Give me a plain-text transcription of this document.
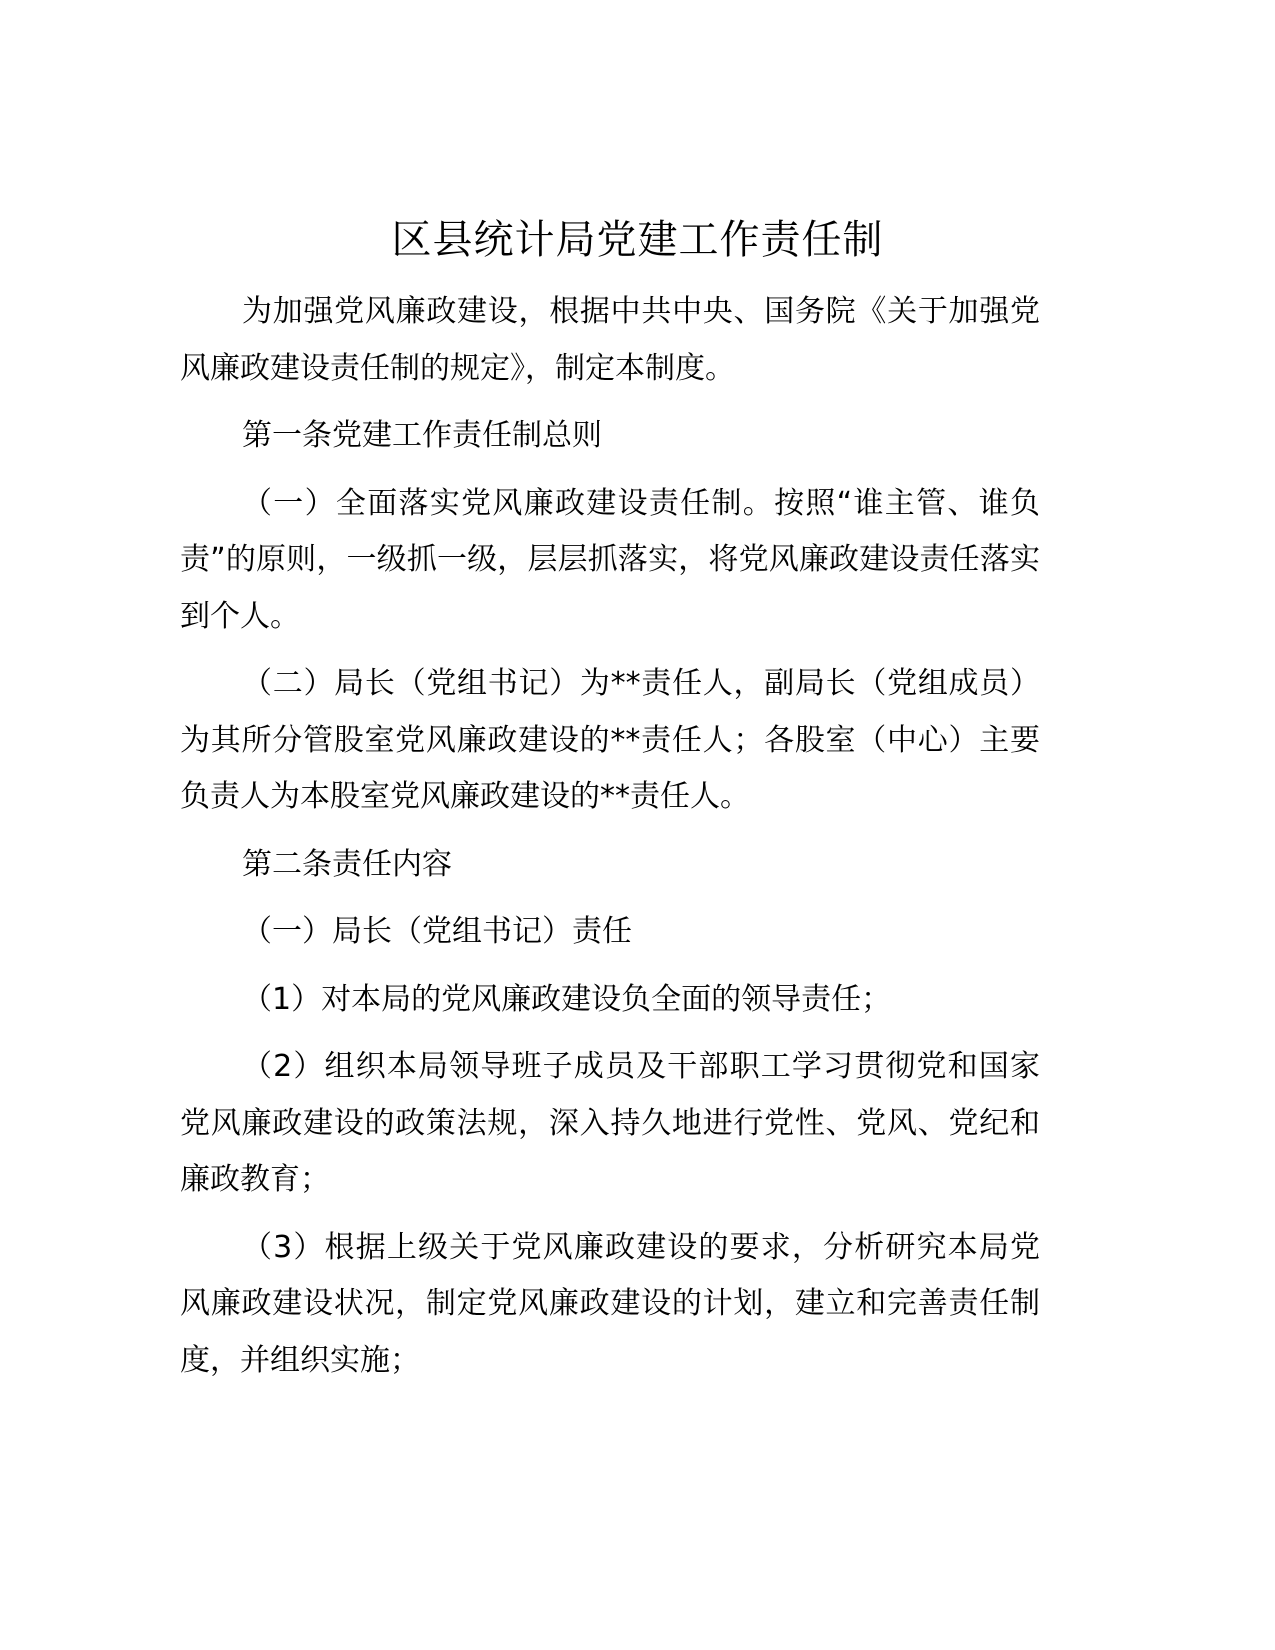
区县统计局党建工作责任制

为加强党风廉政建设，根据中共中央、国务院《关于加强党风廉政建设责任制的规定》，制定本制度。

第一条党建工作责任制总则

（一）全面落实党风廉政建设责任制。按照“谁主管、谁负责”的原则，一级抓一级，层层抓落实，将党风廉政建设责任落实到个人。

（二）局长（党组书记）为**责任人，副局长（党组成员）为其所分管股室党风廉政建设的**责任人；各股室（中心）主要负责人为本股室党风廉政建设的**责任人。

第二条责任内容

（一）局长（党组书记）责任

（1）对本局的党风廉政建设负全面的领导责任；

（2）组织本局领导班子成员及干部职工学习贯彻党和国家党风廉政建设的政策法规，深入持久地进行党性、党风、党纪和廉政教育；

（3）根据上级关于党风廉政建设的要求，分析研究本局党风廉政建设状况，制定党风廉政建设的计划，建立和完善责任制度，并组织实施；
